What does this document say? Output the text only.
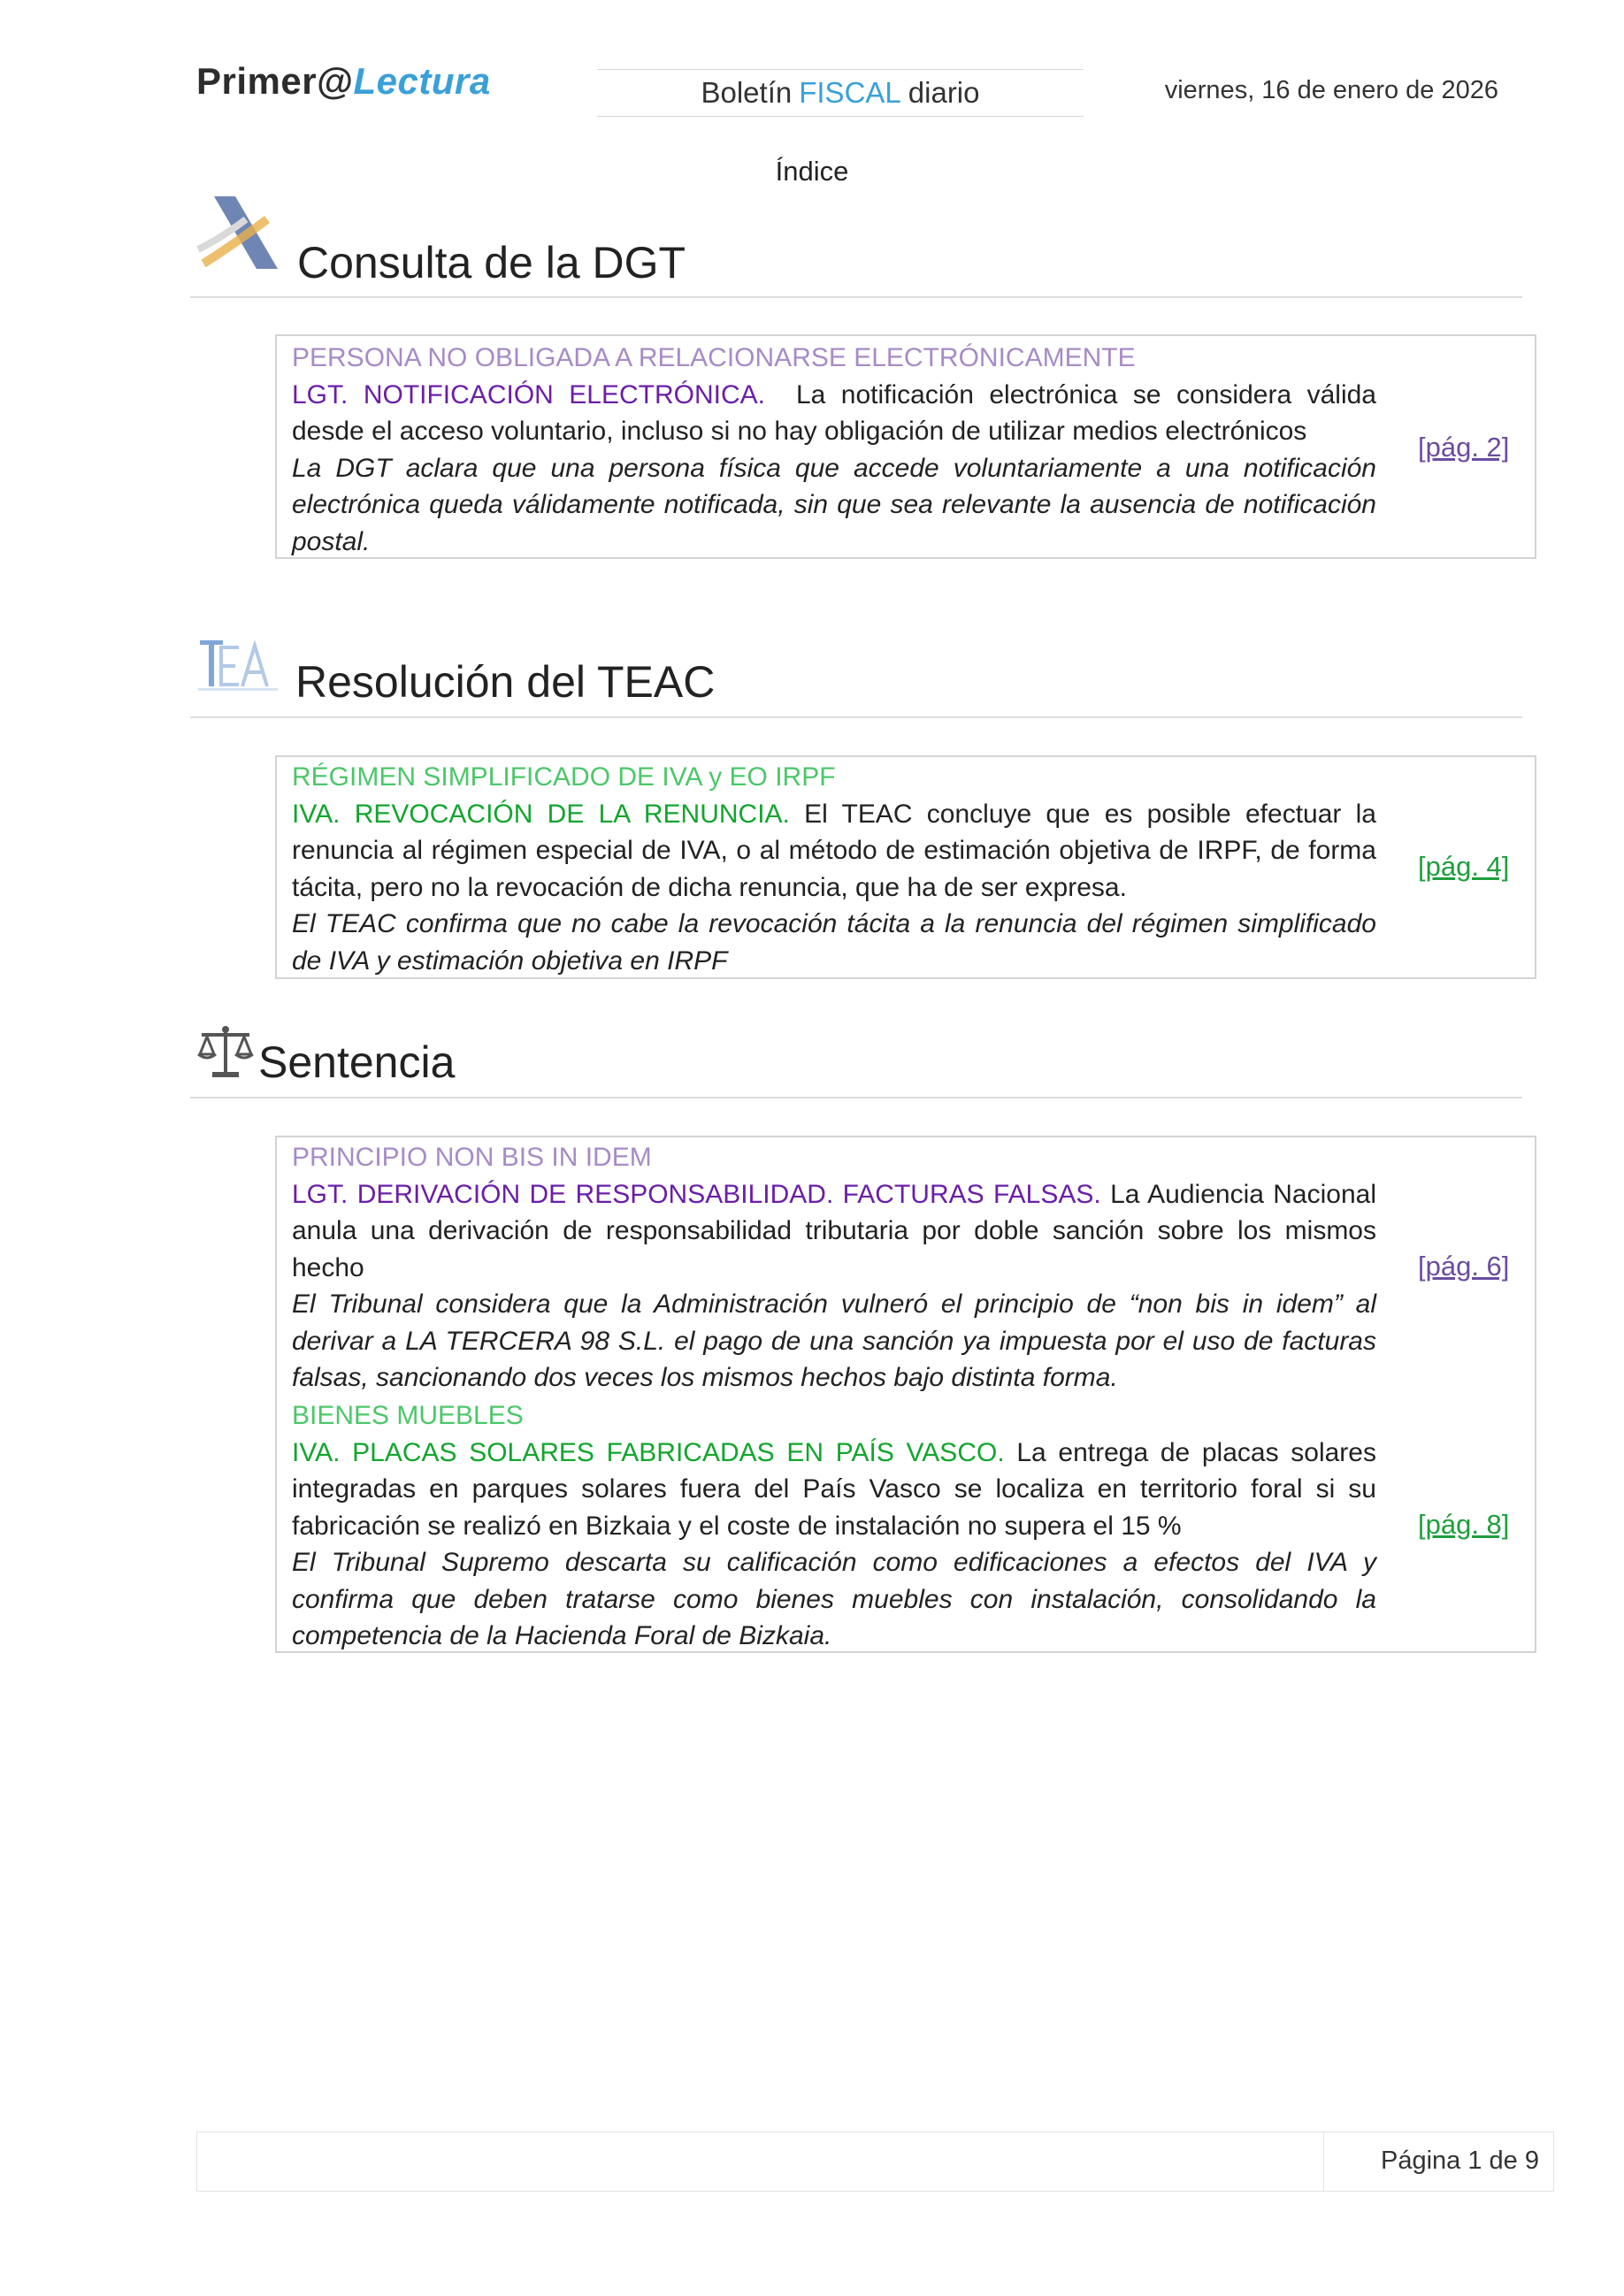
Primer@Lectura	Boletín FISCAL diario	viernes, 16 de enero de 2026
Índice
Consulta de la DGT
PERSONA NO OBLIGADA A RELACIONARSE ELECTRÓNICAMENTE
LGT. NOTIFICACIÓN ELECTRÓNICA. La notificación electrónica se considera válida desde el acceso voluntario, incluso si no hay obligación de utilizar medios electrónicos
La DGT aclara que una persona física que accede voluntariamente a una notificación electrónica queda válidamente notificada, sin que sea relevante la ausencia de notificación postal.
[pág. 2]
Resolución del TEAC
RÉGIMEN SIMPLIFICADO DE IVA y EO IRPF
IVA. REVOCACIÓN DE LA RENUNCIA. El TEAC concluye que es posible efectuar la renuncia al régimen especial de IVA, o al método de estimación objetiva de IRPF, de forma tácita, pero no la revocación de dicha renuncia, que ha de ser expresa.
El TEAC confirma que no cabe la revocación tácita a la renuncia del régimen simplificado de IVA y estimación objetiva en IRPF
[pág. 4]
Sentencia
PRINCIPIO NON BIS IN IDEM
LGT. DERIVACIÓN DE RESPONSABILIDAD. FACTURAS FALSAS. La Audiencia Nacional anula una derivación de responsabilidad tributaria por doble sanción sobre los mismos hecho
El Tribunal considera que la Administración vulneró el principio de “non bis in idem” al derivar a LA TERCERA 98 S.L. el pago de una sanción ya impuesta por el uso de facturas falsas, sancionando dos veces los mismos hechos bajo distinta forma.
[pág. 6]
BIENES MUEBLES
IVA. PLACAS SOLARES FABRICADAS EN PAÍS VASCO. La entrega de placas solares integradas en parques solares fuera del País Vasco se localiza en territorio foral si su fabricación se realizó en Bizkaia y el coste de instalación no supera el 15 %
El Tribunal Supremo descarta su calificación como edificaciones a efectos del IVA y confirma que deben tratarse como bienes muebles con instalación, consolidando la competencia de la Hacienda Foral de Bizkaia.
[pág. 8]
Página 1 de 9
